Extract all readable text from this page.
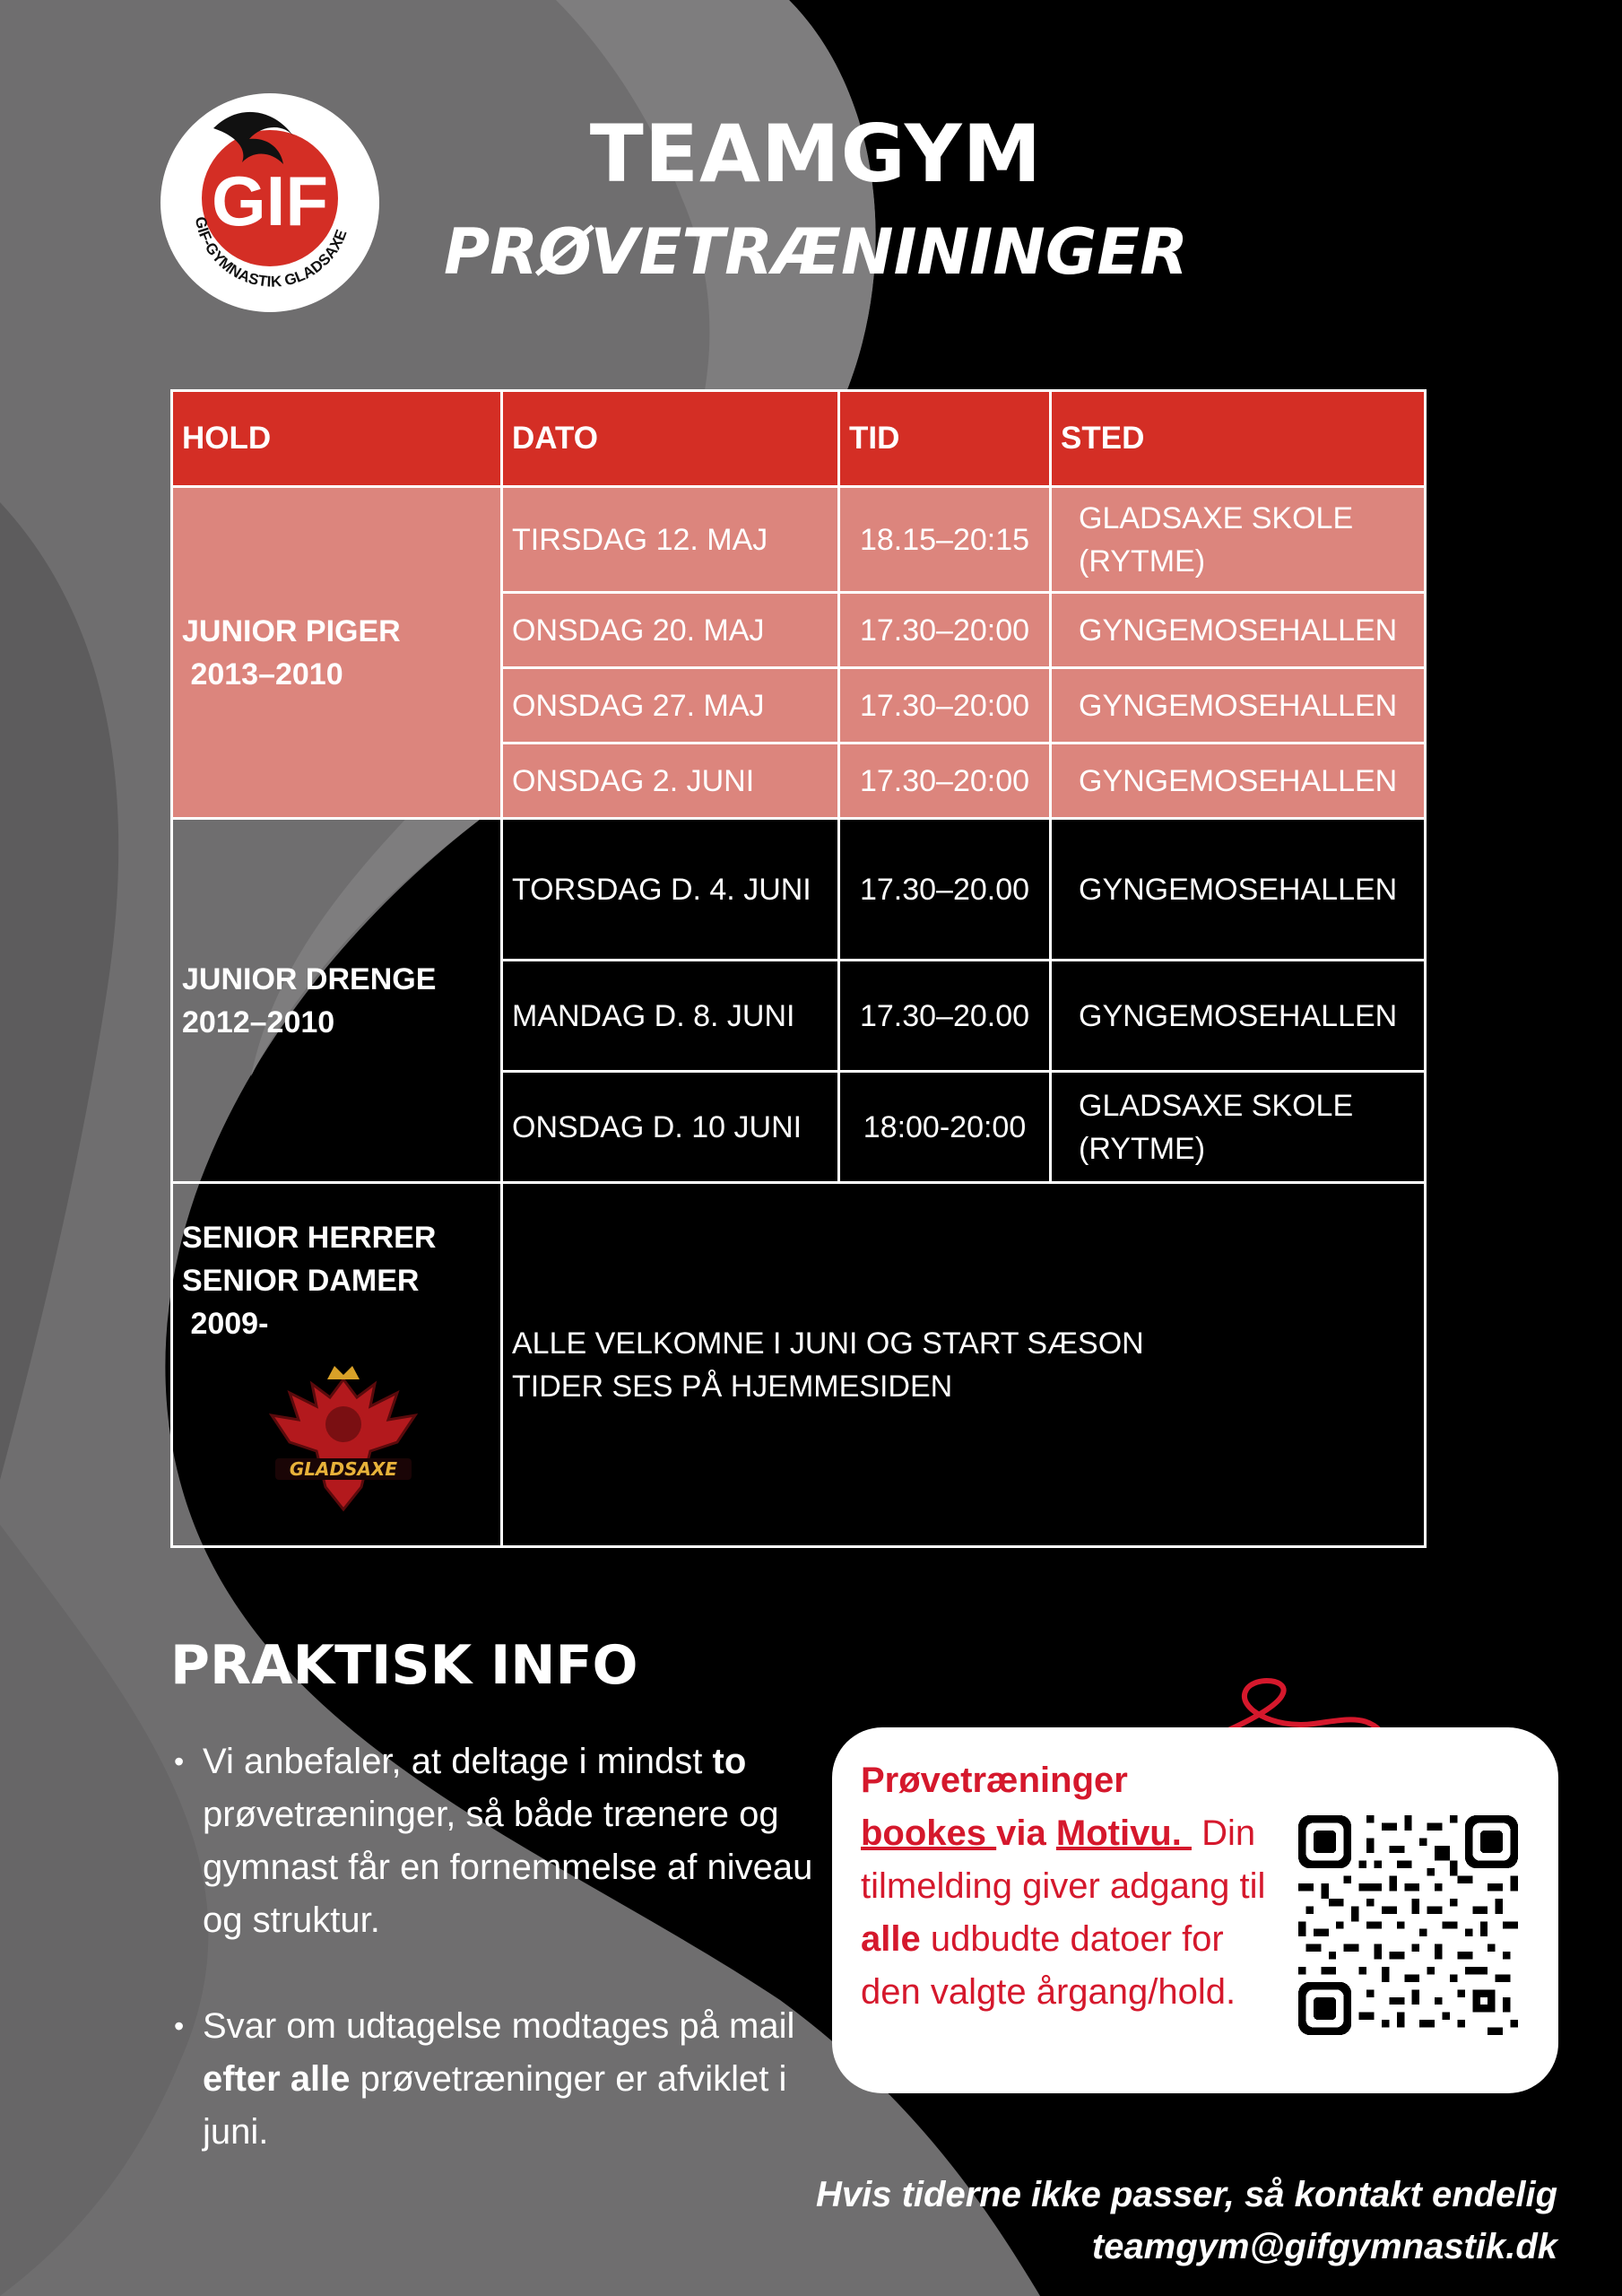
GIF
GIF-GYMNASTIK GLADSAXE
TEAMGYM
PRØVETRÆNININGER
HOLD	DATO	TID	STED

JUNIOR PIGER
2013–2010	TIRSDAG 12. MAJ	18.15–20:15	GLADSAXE SKOLE
(RYTME)

	ONSDAG 20. MAJ	17.30–20:00	GYNGEMOSEHALLEN
	ONSDAG 27. MAJ	17.30–20:00	GYNGEMOSEHALLEN
	ONSDAG 2. JUNI	17.30–20:00	GYNGEMOSEHALLEN

JUNIOR DRENGE
2012–2010	TORSDAG D. 4. JUNI	17.30–20.00	GYNGEMOSEHALLEN
	MANDAG D. 8. JUNI	17.30–20.00	GYNGEMOSEHALLEN
	ONSDAG D. 10 JUNI	18:00-20:00	GLADSAXE SKOLE
(RYTME)

SENIOR HERRER
SENIOR DAMER
2009-
GLADSAXE	ALLE VELKOMNE I JUNI OG START SÆSON
TIDER SES PÅ HJEMMESIDEN		
PRAKTISK INFO
• Vi anbefaler, at deltage i mindst to prøvetræninger, så både trænere og gymnast får en fornemmelse af niveau og struktur.
• Svar om udtagelse modtages på mail efter alle prøvetræninger er afviklet i juni.
Prøvetræninger
bookes via Motivu.  Din tilmelding giver adgang til alle udbudte datoer for den valgte årgang/hold.
Hvis tiderne ikke passer, så kontakt endelig
teamgym@gifgymnastik.dk
